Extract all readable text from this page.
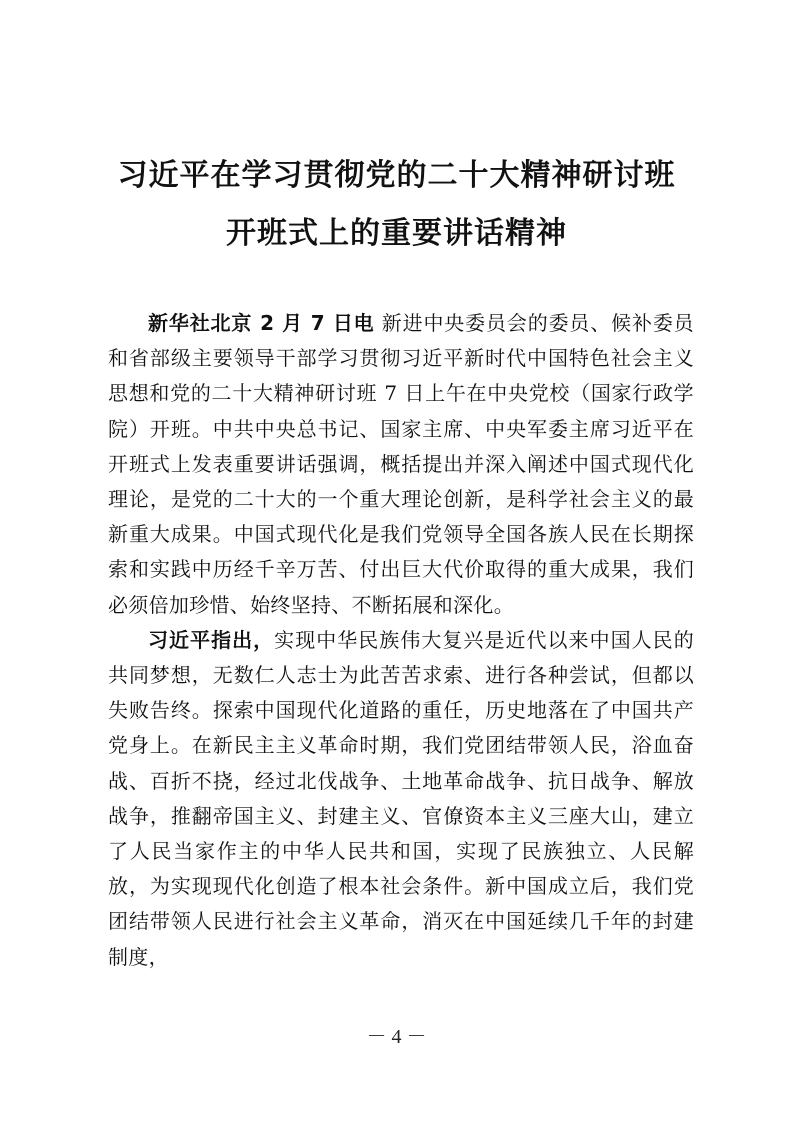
习近平在学习贯彻党的二十大精神研讨班
开班式上的重要讲话精神

新华社北京 2 月 7 日电 新进中央委员会的委员、候补委员和省部级主要领导干部学习贯彻习近平新时代中国特色社会主义思想和党的二十大精神研讨班 7 日上午在中央党校（国家行政学院）开班。中共中央总书记、国家主席、中央军委主席习近平在开班式上发表重要讲话强调，概括提出并深入阐述中国式现代化理论，是党的二十大的一个重大理论创新，是科学社会主义的最新重大成果。中国式现代化是我们党领导全国各族人民在长期探索和实践中历经千辛万苦、付出巨大代价取得的重大成果，我们必须倍加珍惜、始终坚持、不断拓展和深化。

习近平指出，实现中华民族伟大复兴是近代以来中国人民的共同梦想，无数仁人志士为此苦苦求索、进行各种尝试，但都以失败告终。探索中国现代化道路的重任，历史地落在了中国共产党身上。在新民主主义革命时期，我们党团结带领人民，浴血奋战、百折不挠，经过北伐战争、土地革命战争、抗日战争、解放战争，推翻帝国主义、封建主义、官僚资本主义三座大山，建立了人民当家作主的中华人民共和国，实现了民族独立、人民解放，为实现现代化创造了根本社会条件。新中国成立后，我们党团结带领人民进行社会主义革命，消灭在中国延续几千年的封建制度，

－ 4 －
